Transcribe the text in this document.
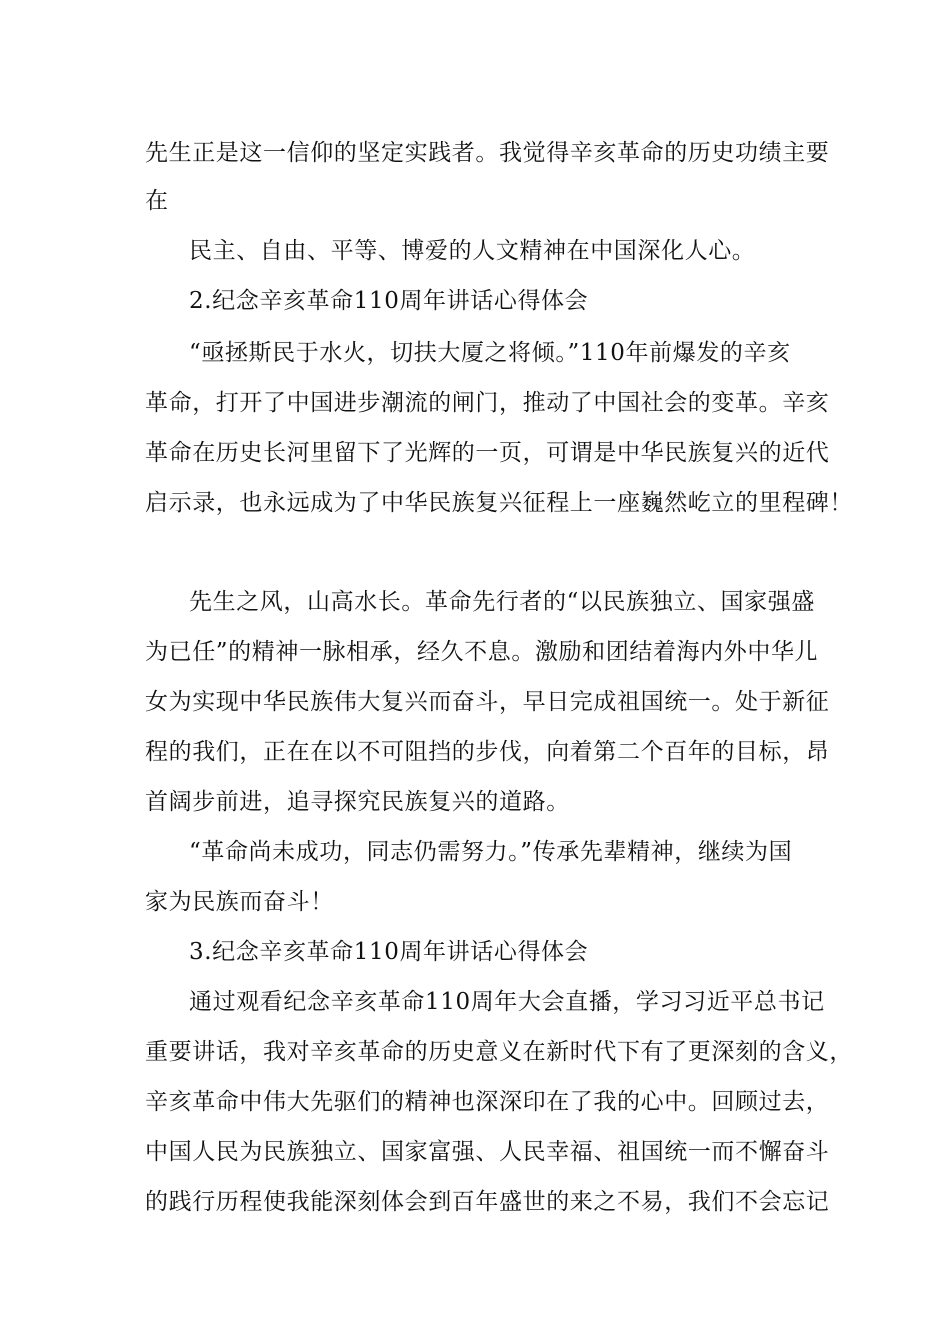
先生正是这一信仰的坚定实践者。我觉得辛亥革命的历史功绩主要
在
民主、自由、平等、博爱的人文精神在中国深化人心。
2.纪念辛亥革命110周年讲话心得体会
“亟拯斯民于水火，切扶大厦之将倾。”110年前爆发的辛亥
革命，打开了中国进步潮流的闸门，推动了中国社会的变革。辛亥
革命在历史长河里留下了光辉的一页，可谓是中华民族复兴的近代
启示录，也永远成为了中华民族复兴征程上一座巍然屹立的里程碑！
先生之风，山高水长。革命先行者的“以民族独立、国家强盛
为已任”的精神一脉相承，经久不息。激励和团结着海内外中华儿
女为实现中华民族伟大复兴而奋斗，早日完成祖国统一。处于新征
程的我们，正在在以不可阻挡的步伐，向着第二个百年的目标，昂
首阔步前进，追寻探究民族复兴的道路。
“革命尚未成功，同志仍需努力。”传承先辈精神，继续为国
家为民族而奋斗！
3.纪念辛亥革命110周年讲话心得体会
通过观看纪念辛亥革命110周年大会直播，学习习近平总书记
重要讲话，我对辛亥革命的历史意义在新时代下有了更深刻的含义，
辛亥革命中伟大先驱们的精神也深深印在了我的心中。回顾过去，
中国人民为民族独立、国家富强、人民幸福、祖国统一而不懈奋斗
的践行历程使我能深刻体会到百年盛世的来之不易，我们不会忘记
